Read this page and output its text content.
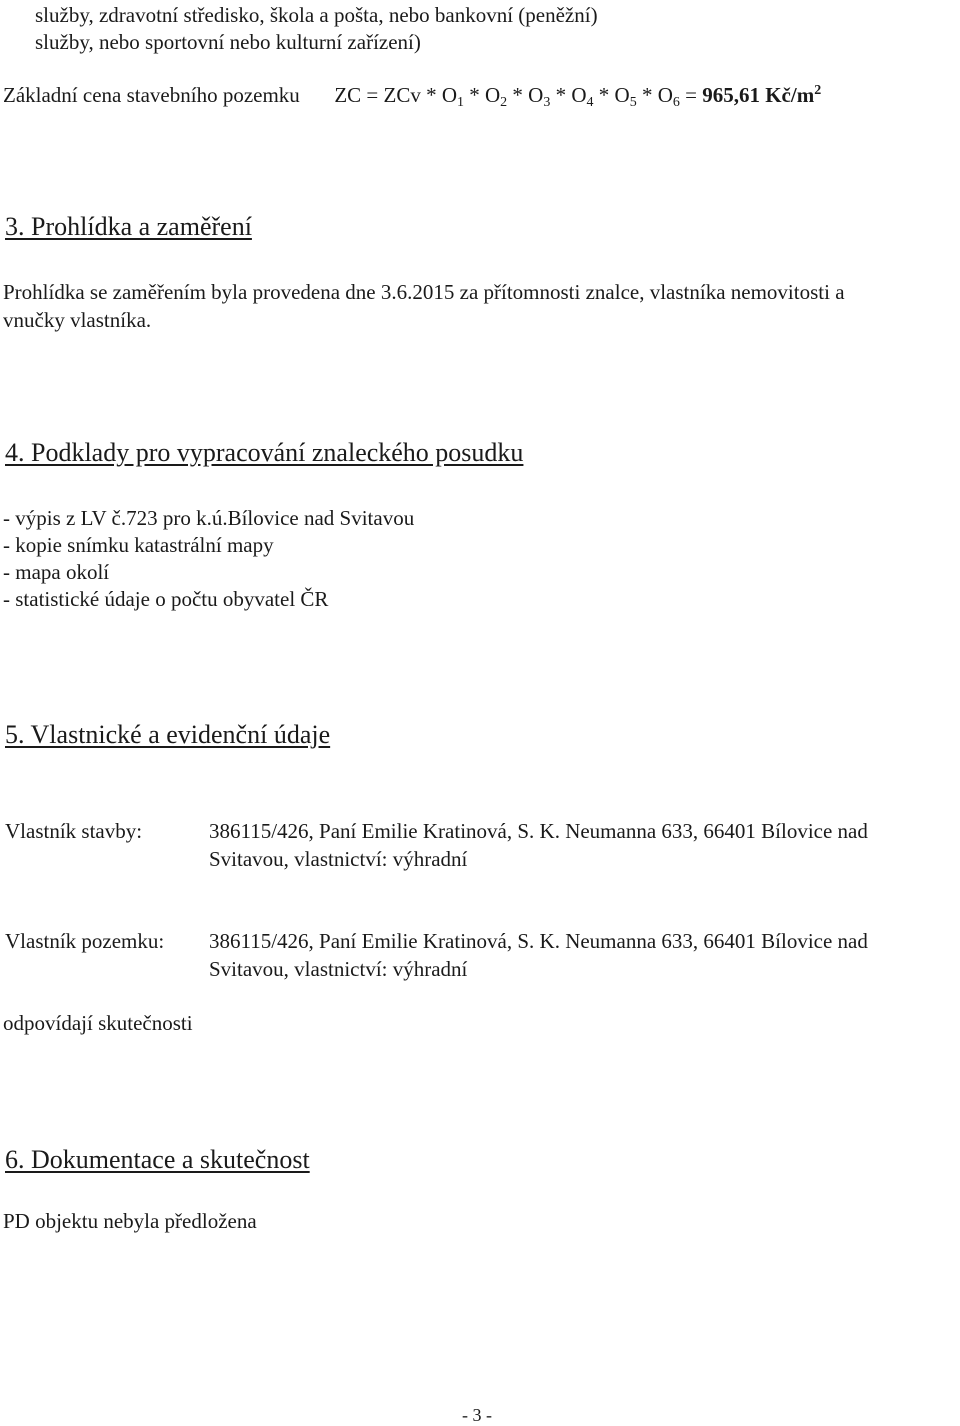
služby, zdravotní středisko, škola a pošta, nebo bankovní (peněžní)
služby, nebo sportovní nebo kulturní zařízení)
Základní cena stavebního pozemku ZC = ZCv * $O_1 * O_2 * O_3 * O_4 * O_5 * O_6 = 965,61$ $Kč/m^2$
3. Prohlídka a zaměření
Prohlídka se zaměřením byla provedena dne 3.6.2015 za přítomnosti znalce, vlastníka nemovitosti a
vnučky vlastníka.
4. Podklady pro vypracování znaleckého posudku
- výpis z LV č.723 pro k.ú.Bílovice nad Svitavou
- kopie snímku katastrální mapy
- mapa okolí
- statistické údaje o počtu obyvatel ČR
5. Vlastnické a evidenční údaje
Vlastník stavby:	386115/426, Paní Emilie Kratinová, S. K. Neumanna 633, 66401 Bílovice nad
Svitavou, vlastnictví: výhradní
Vlastník pozemku: 386115/426, Paní Emilie Kratinová, S. K. Neumanna 633, 66401 Bílovice nad
Svitavou, vlastnictví: výhradní
odpovídají skutečnosti
6. Dokumentace a skutečnost
PD objektu nebyla předložena
- 3 -
